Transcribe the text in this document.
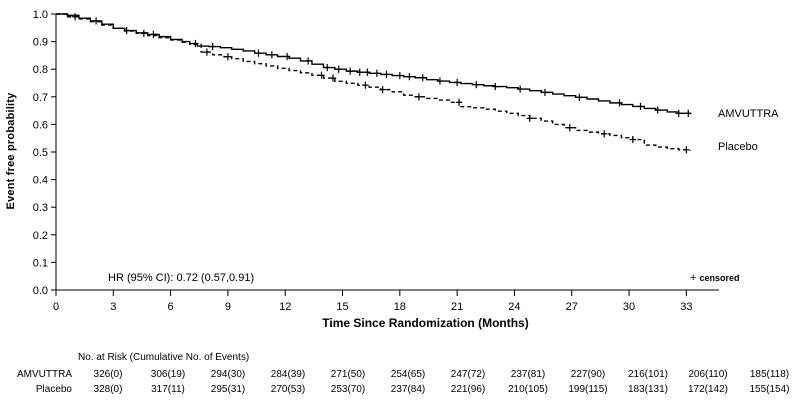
Event free probability
0.0
0.1
0.2
0.3
0.4
0.5
0.6
0.7
0.8
0.9
1.0
0	3	6	9	12	15	18	21	24	27	30	33
Time Since Randomization (Months)
AMVUTTRA
Placebo
HR (95% CI): 0.72 (0.57,0.91)	+ censored
No. at Risk (Cumulative No. of Events)
AMVUTTRA	326(0)	306(19)	294(30)	284(39)	271(50)	254(65)	247(72)	237(81)	227(90)	216(101)	206(110)	185(118)
Placebo	328(0)	317(11)	295(31)	270(53)	253(70)	237(84)	221(96)	210(105)	199(115)	183(131)	172(142)	155(154)
